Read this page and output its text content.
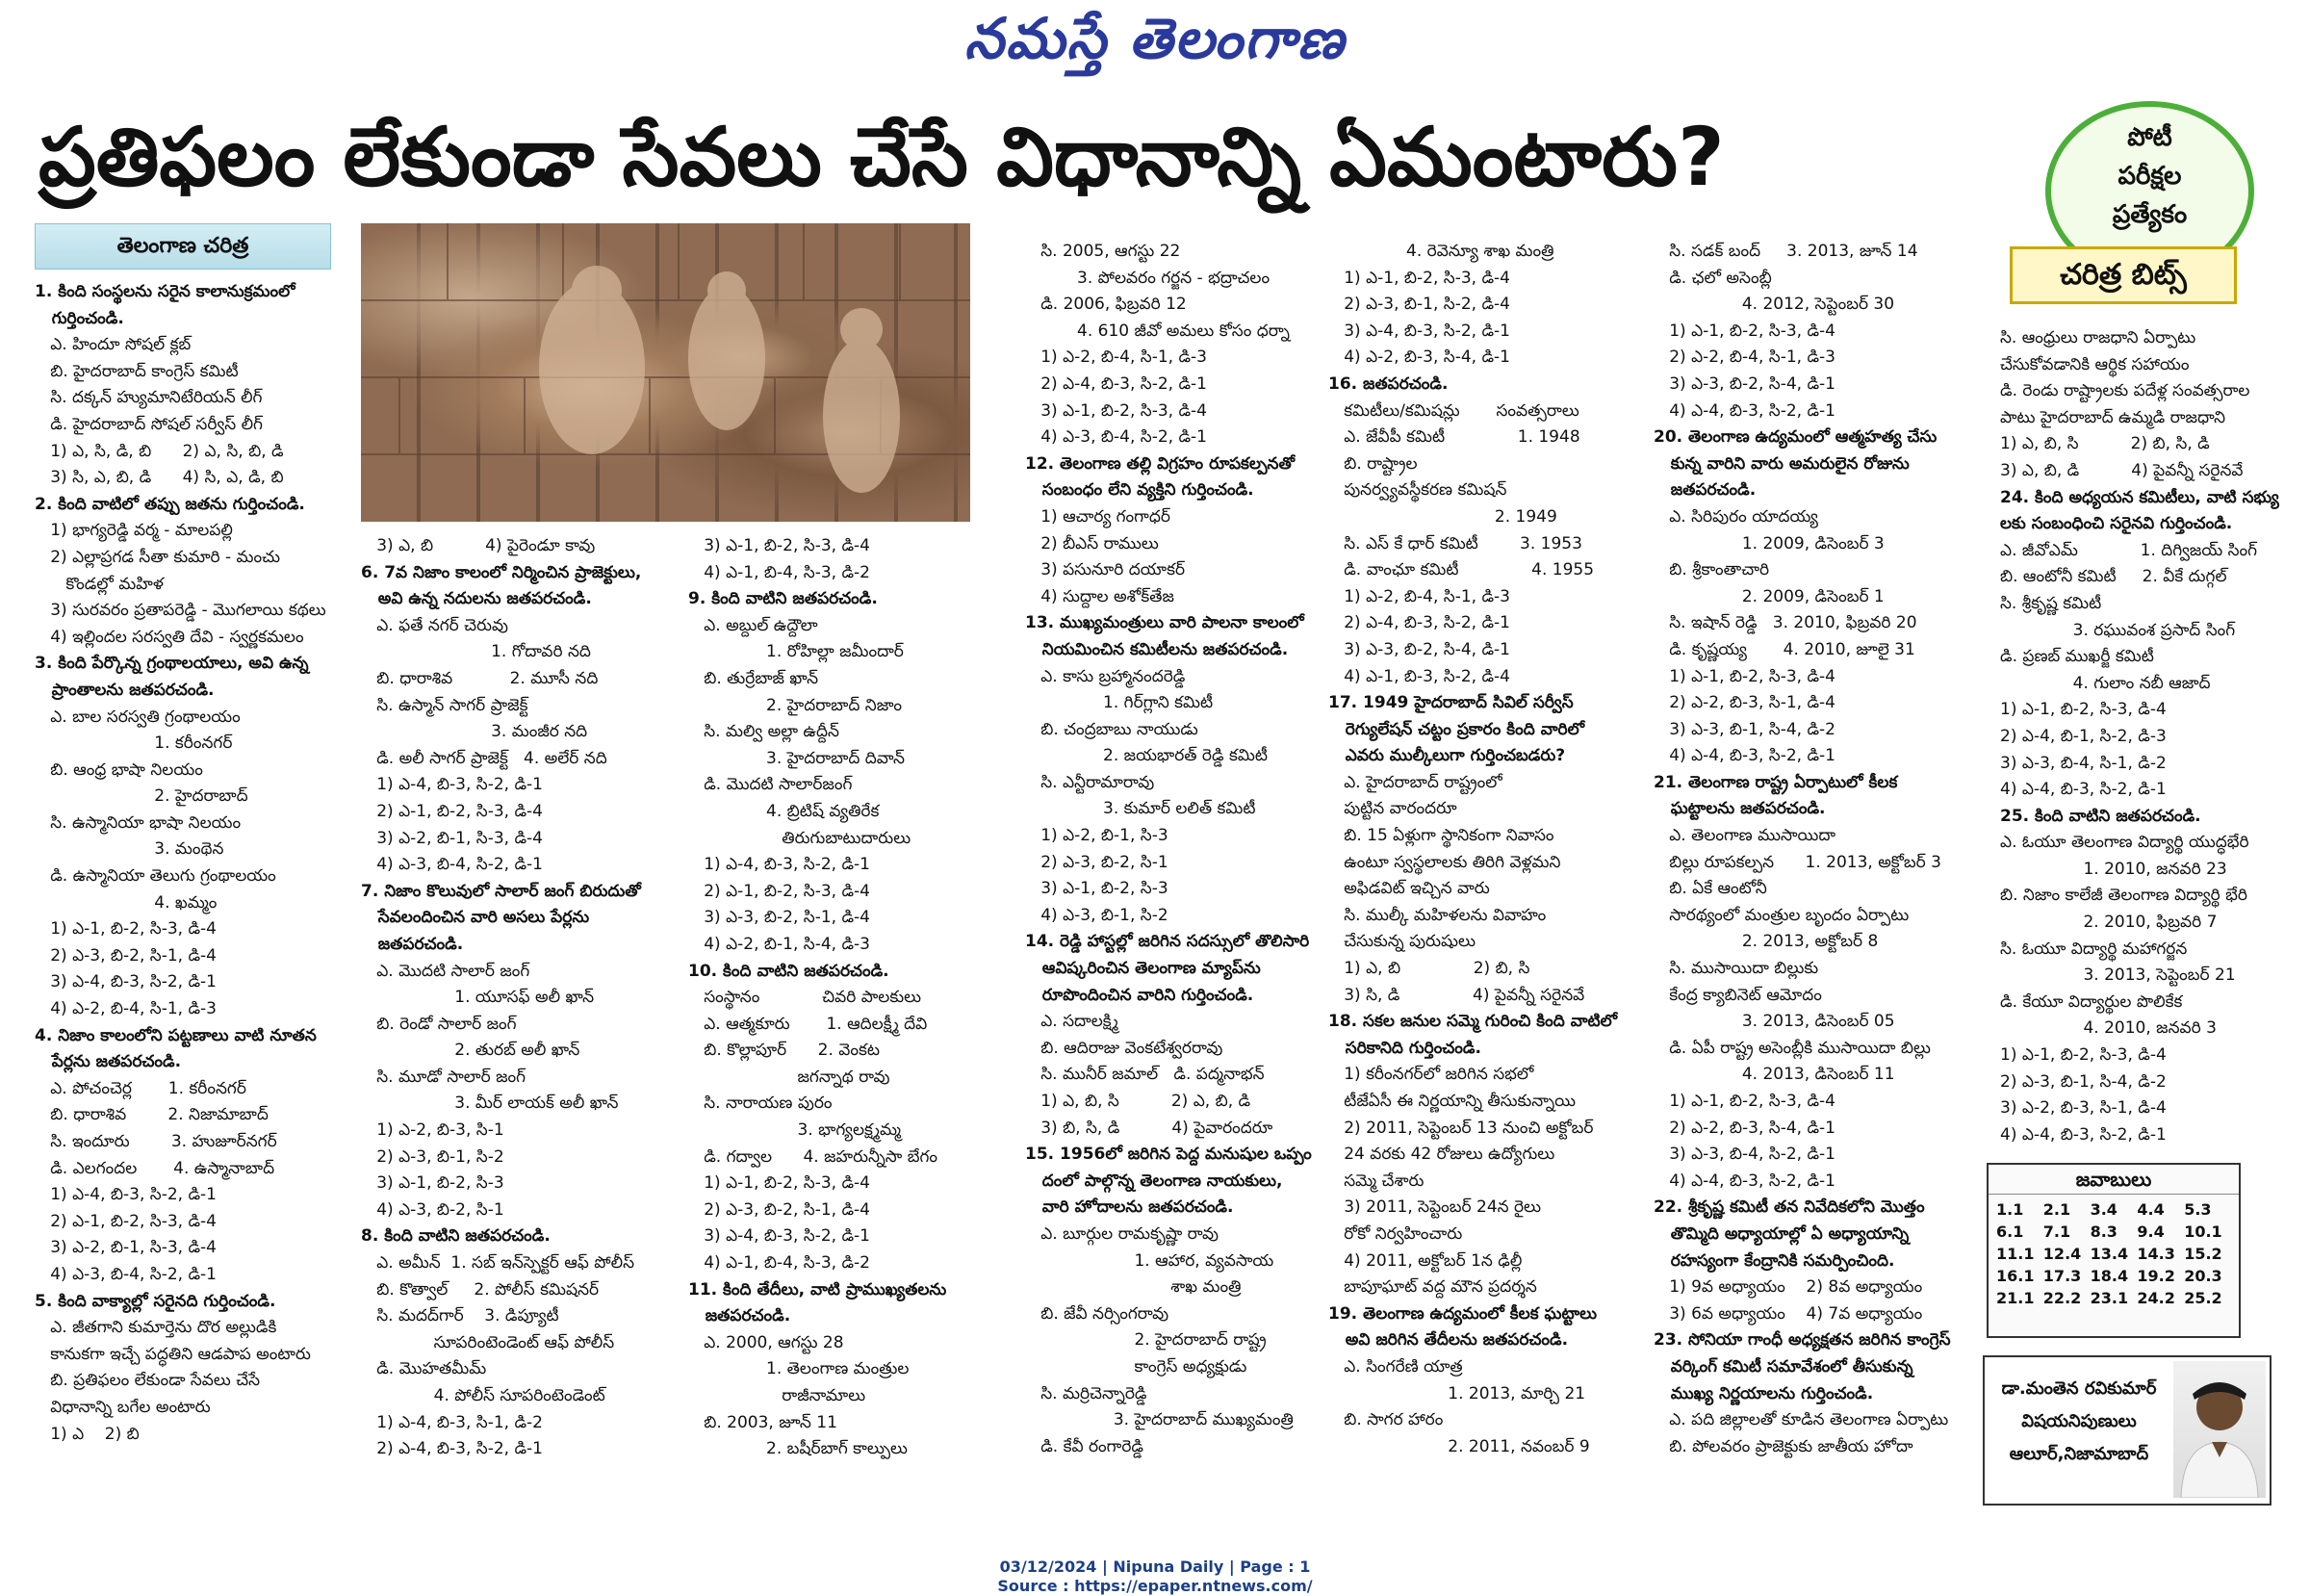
నమస్తే తెలంగాణ
ప్రతిఫలం లేకుండా సేవలు చేసే విధానాన్ని ఏమంటారు?	పోటీ
పరీక్షల
ప్రత్యేకం
చరిత్ర బిట్స్
తెలంగాణ చరిత్ర
1. కింది సంస్థలను సరైన కాలానుక్రమంలో
గుర్తించండి.
ఎ. హిందూ సోషల్ క్లబ్
బి. హైదరాబాద్ కాంగ్రెస్ కమిటీ
సి. దక్కన్ హ్యుమానిటేరియన్ లీగ్
డి. హైదరాబాద్ సోషల్ సర్వీస్ లీగ్
1) ఎ, సి, డి, బి      2) ఎ, సి, బి, డి
3) సి, ఎ, బి, డి      4) సి, ఎ, డి, బి
2. కింది వాటిలో తప్పు జతను గుర్తించండి.
1) భాగ్యరెడ్డి వర్మ - మాలపల్లి
2) ఎల్లాప్రగడ సీతా కుమారి - మంచు
కొండల్లో మహిళ
3) సురవరం ప్రతాపరెడ్డి - మొగలాయి కథలు
4) ఇల్లిందల సరస్వతి దేవి - స్వర్ణకమలం
3. కింది పేర్కొన్న గ్రంథాలయాలు, అవి ఉన్న
ప్రాంతాలను జతపరచండి.
ఎ. బాల సరస్వతి గ్రంథాలయం
1. కరీంనగర్
బి. ఆంధ్ర భాషా నిలయం
2. హైదరాబాద్
సి. ఉస్మానియా భాషా నిలయం
3. మంథెన
డి. ఉస్మానియా తెలుగు గ్రంథాలయం
4. ఖమ్మం
1) ఎ-1, బి-2, సి-3, డి-4
2) ఎ-3, బి-2, సి-1, డి-4
3) ఎ-4, బి-3, సి-2, డి-1
4) ఎ-2, బి-4, సి-1, డి-3
4. నిజాం కాలంలోని పట్టణాలు వాటి నూతన
పేర్లను జతపరచండి.
ఎ. పోచంచెర్ల       1. కరీంనగర్
బి. ధారాశివ        2. నిజామాబాద్
సి. ఇందూరు        3. హుజూర్‌నగర్
డి. ఎలగందల       4. ఉస్మానాబాద్
1) ఎ-4, బి-3, సి-2, డి-1
2) ఎ-1, బి-2, సి-3, డి-4
3) ఎ-2, బి-1, సి-3, డి-4
4) ఎ-3, బి-4, సి-2, డి-1
5. కింది వాక్యాల్లో సరైనది గుర్తించండి.
ఎ. జీతగాని కుమార్తెను దొర అల్లుడికి
కానుకగా ఇచ్చే పద్ధతిని ఆడపాప అంటారు
బి. ప్రతిఫలం లేకుండా సేవలు చేసే
విధానాన్ని బగేల అంటారు
1) ఎ    2) బి
3) ఎ, బి          4) పైరెండూ కావు
6. 7వ నిజాం కాలంలో నిర్మించిన ప్రాజెక్టులు,
అవి ఉన్న నదులను జతపరచండి.
ఎ. ఫతే నగర్ చెరువు
1. గోదావరి నది
బి. ధారాశివ           2. మూసీ నది
సి. ఉస్మాన్ సాగర్ ప్రాజెక్ట్
3. మంజీర నది
డి. అలీ సాగర్ ప్రాజెక్ట్   4. అలేర్ నది
1) ఎ-4, బి-3, సి-2, డి-1
2) ఎ-1, బి-2, సి-3, డి-4
3) ఎ-2, బి-1, సి-3, డి-4
4) ఎ-3, బి-4, సి-2, డి-1
7. నిజాం కొలువులో సాలార్ జంగ్ బిరుదుతో
సేవలందించిన వారి అసలు పేర్లను
జతపరచండి.
ఎ. మొదటి సాలార్ జంగ్
1. యూసఫ్ అలీ ఖాన్
బి. రెండో సాలార్ జంగ్
2. తురబ్ అలీ ఖాన్
సి. మూడో సాలార్ జంగ్
3. మీర్ లాయక్ అలీ ఖాన్
1) ఎ-2, బి-3, సి-1
2) ఎ-3, బి-1, సి-2
3) ఎ-1, బి-2, సి-3
4) ఎ-3, బి-2, సి-1
8. కింది వాటిని జతపరచండి.
ఎ. అమీన్  1. సబ్ ఇన్‌స్పెక్టర్ ఆఫ్ పోలీస్
బి. కొత్వాల్     2. పోలీస్ కమిషనర్
సి. మదద్‌గార్    3. డిప్యూటీ
సూపరింటెండెంట్ ఆఫ్ పోలీస్
డి. మొహతమీమ్
4. పోలీస్ సూపరింటెండెంట్
1) ఎ-4, బి-3, సి-1, డి-2
2) ఎ-4, బి-3, సి-2, డి-1
3) ఎ-1, బి-2, సి-3, డి-4
4) ఎ-1, బి-4, సి-3, డి-2
9. కింది వాటిని జతపరచండి.
ఎ. అబ్దుల్ ఉద్దౌలా
1. రోహిల్లా జమీందార్
బి. తుర్రేబాజ్ ఖాన్
2. హైదరాబాద్ నిజాం
సి. మల్వి అల్లా ఉద్దీన్
3. హైదరాబాద్ దివాన్
డి. మొదటి సాలార్‌జంగ్
4. బ్రిటిష్ వ్యతిరేక
తిరుగుబాటుదారులు
1) ఎ-4, బి-3, సి-2, డి-1
2) ఎ-1, బి-2, సి-3, డి-4
3) ఎ-3, బి-2, సి-1, డి-4
4) ఎ-2, బి-1, సి-4, డి-3
10. కింది వాటిని జతపరచండి.
సంస్థానం            చివరి పాలకులు
ఎ. ఆత్మకూరు       1. ఆదిలక్ష్మీ దేవి
బి. కొల్లాపూర్      2. వెంకట
జగన్నాథ రావు
సి. నారాయణ పురం
3. భాగ్యలక్ష్మమ్మ
డి. గద్వాల      4. జహరున్నీసా బేగం
1) ఎ-1, బి-2, సి-3, డి-4
2) ఎ-3, బి-2, సి-1, డి-4
3) ఎ-4, బి-3, సి-2, డి-1
4) ఎ-1, బి-4, సి-3, డి-2
11. కింది తేదీలు, వాటి ప్రాముఖ్యతలను
జతపరచండి.
ఎ. 2000, ఆగస్టు 28
1. తెలంగాణ మంత్రుల
రాజీనామాలు
బి. 2003, జూన్ 11
2. బషీర్‌బాగ్ కాల్పులు
సి. 2005, ఆగస్టు 22
3. పోలవరం గర్జన - భద్రాచలం
డి. 2006, ఫిబ్రవరి 12
4. 610 జీవో అమలు కోసం ధర్నా
1) ఎ-2, బి-4, సి-1, డి-3
2) ఎ-4, బి-3, సి-2, డి-1
3) ఎ-1, బి-2, సి-3, డి-4
4) ఎ-3, బి-4, సి-2, డి-1
12. తెలంగాణ తల్లి విగ్రహం రూపకల్పనతో
సంబంధం లేని వ్యక్తిని గుర్తించండి.
1) ఆచార్య గంగాధర్
2) బీఎస్ రాములు
3) పసునూరి దయాకర్
4) సుద్దాల అశోక్‌తేజ
13. ముఖ్యమంత్రులు వారి పాలనా కాలంలో
నియమించిన కమిటీలను జతపరచండి.
ఎ. కాసు బ్రహ్మానందరెడ్డి
1. గిర్‌గ్లాని కమిటీ
బి. చంద్రబాబు నాయుడు
2. జయభారత్ రెడ్డి కమిటీ
సి. ఎన్టీరామారావు
3. కుమార్ లలిత్ కమిటీ
1) ఎ-2, బి-1, సి-3
2) ఎ-3, బి-2, సి-1
3) ఎ-1, బి-2, సి-3
4) ఎ-3, బి-1, సి-2
14. రెడ్డి హాస్టల్లో జరిగిన సదస్సులో తొలిసారి
ఆవిష్కరించిన తెలంగాణ మ్యాప్‌ను
రూపొందించిన వారిని గుర్తించండి.
ఎ. సదాలక్ష్మి
బి. ఆదిరాజు వెంకటేశ్వరరావు
సి. మునీర్ జమాల్   డి. పద్మనాభన్
1) ఎ, బి, సి          2) ఎ, బి, డి
3) బి, సి, డి          4) పైవారందరూ
15. 1956లో జరిగిన పెద్ద మనుషుల ఒప్పం
దంలో పాల్గొన్న తెలంగాణ నాయకులు,
వారి హోదాలను జతపరచండి.
ఎ. బూర్గుల రామకృష్ణా రావు
1. ఆహార, వ్యవసాయ
శాఖ మంత్రి
బి. జేవీ నర్సింగరావు
2. హైదరాబాద్ రాష్ట్ర
కాంగ్రెస్ అధ్యక్షుడు
సి. మర్రిచెన్నారెడ్డి
3. హైదరాబాద్ ముఖ్యమంత్రి
డి. కేవీ రంగారెడ్డి
4. రెవెన్యూ శాఖ మంత్రి
1) ఎ-1, బి-2, సి-3, డి-4
2) ఎ-3, బి-1, సి-2, డి-4
3) ఎ-4, బి-3, సి-2, డి-1
4) ఎ-2, బి-3, సి-4, డి-1
16. జతపరచండి.
కమిటీలు/కమిషన్లు       సంవత్సరాలు
ఎ. జేవీపీ కమిటీ              1. 1948
బి. రాష్ట్రాల
పునర్వ్యవస్థీకరణ కమిషన్
2. 1949
సి. ఎస్ కే ధార్ కమిటీ        3. 1953
డి. వాంఛూ కమిటీ              4. 1955
1) ఎ-2, బి-4, సి-1, డి-3
2) ఎ-4, బి-3, సి-2, డి-1
3) ఎ-3, బి-2, సి-4, డి-1
4) ఎ-1, బి-3, సి-2, డి-4
17. 1949 హైదరాబాద్ సివిల్ సర్వీస్
రెగ్యులేషన్ చట్టం ప్రకారం కింది వారిలో
ఎవరు ముల్కీలుగా గుర్తించబడరు?
ఎ. హైదరాబాద్ రాష్ట్రంలో
పుట్టిన వారందరూ
బి. 15 ఏళ్లుగా స్థానికంగా నివాసం
ఉంటూ స్వస్థలాలకు తిరిగి వెళ్లమని
అఫిడవిట్ ఇచ్చిన వారు
సి. ముల్కీ మహిళలను వివాహం
చేసుకున్న పురుషులు
1) ఎ, బి              2) బి, సి
3) సి, డి              4) పైవన్నీ సరైనవే
18. సకల జనుల సమ్మె గురించి కింది వాటిలో
సరికానిది గుర్తించండి.
1) కరీంనగర్‌లో జరిగిన సభలో
టీజేఏసీ ఈ నిర్ణయాన్ని తీసుకున్నాయి
2) 2011, సెప్టెంబర్ 13 నుంచి అక్టోబర్
24 వరకు 42 రోజులు ఉద్యోగులు
సమ్మె చేశారు
3) 2011, సెప్టెంబర్ 24న రైలు
రోకో నిర్వహించారు
4) 2011, అక్టోబర్ 1న ఢిల్లీ
బాపూఘాట్ వద్ద మౌన ప్రదర్శన
19. తెలంగాణ ఉద్యమంలో కీలక ఘట్టాలు
అవి జరిగిన తేదీలను జతపరచండి.
ఎ. సింగరేణి యాత్ర
1. 2013, మార్చి 21
బి. సాగర హారం
2. 2011, నవంబర్ 9
సి. సడక్ బంద్     3. 2013, జూన్ 14
డి. ఛలో అసెంబ్లీ
4. 2012, సెప్టెంబర్ 30
1) ఎ-1, బి-2, సి-3, డి-4
2) ఎ-2, బి-4, సి-1, డి-3
3) ఎ-3, బి-2, సి-4, డి-1
4) ఎ-4, బి-3, సి-2, డి-1
20. తెలంగాణ ఉద్యమంలో ఆత్మహత్య చేసు
కున్న వారిని వారు అమరులైన రోజును
జతపరచండి.
ఎ. సిరిపురం యాదయ్య
1. 2009, డిసెంబర్ 3
బి. శ్రీకాంతాచారి
2. 2009, డిసెంబర్ 1
సి. ఇషాన్ రెడ్డి   3. 2010, ఫిబ్రవరి 20
డి. కృష్ణయ్య       4. 2010, జూలై 31
1) ఎ-1, బి-2, సి-3, డి-4
2) ఎ-2, బి-3, సి-1, డి-4
3) ఎ-3, బి-1, సి-4, డి-2
4) ఎ-4, బి-3, సి-2, డి-1
21. తెలంగాణ రాష్ట్ర ఏర్పాటులో కీలక
ఘట్టాలను జతపరచండి.
ఎ. తెలంగాణ ముసాయిదా
బిల్లు రూపకల్పన      1. 2013, అక్టోబర్ 3
బి. ఏకే ఆంటోనీ
సారథ్యంలో మంత్రుల బృందం ఏర్పాటు
2. 2013, అక్టోబర్ 8
సి. ముసాయిదా బిల్లుకు
కేంద్ర క్యాబినెట్ ఆమోదం
3. 2013, డిసెంబర్ 05
డి. ఏపీ రాష్ట్ర అసెంబ్లీకి ముసాయిదా బిల్లు
4. 2013, డిసెంబర్ 11
1) ఎ-1, బి-2, సి-3, డి-4
2) ఎ-2, బి-3, సి-4, డి-1
3) ఎ-3, బి-4, సి-2, డి-1
4) ఎ-4, బి-3, సి-2, డి-1
22. శ్రీకృష్ణ కమిటీ తన నివేదికలోని మొత్తం
తొమ్మిది అధ్యాయాల్లో ఏ అధ్యాయాన్ని
రహస్యంగా కేంద్రానికి సమర్పించింది.
1) 9వ అధ్యాయం    2) 8వ అధ్యాయం
3) 6వ అధ్యాయం    4) 7వ అధ్యాయం
23. సోనియా గాంధీ అధ్యక్షతన జరిగిన కాంగ్రెస్
వర్కింగ్ కమిటీ సమావేశంలో తీసుకున్న
ముఖ్య నిర్ణయాలను గుర్తించండి.
ఎ. పది జిల్లాలతో కూడిన తెలంగాణ ఏర్పాటు
బి. పోలవరం ప్రాజెక్టుకు జాతీయ హోదా
సి. ఆంధ్రులు రాజధాని ఏర్పాటు
చేసుకోవడానికి ఆర్థిక సహాయం
డి. రెండు రాష్ట్రాలకు పదేళ్ల సంవత్సరాల
పాటు హైదరాబాద్ ఉమ్మడి రాజధాని
1) ఎ, బి, సి          2) బి, సి, డి
3) ఎ, బి, డి          4) పైవన్నీ సరైనవే
24. కింది అధ్యయన కమిటీలు, వాటి సభ్యు
లకు సంబంధించి సరైనవి గుర్తించండి.
ఎ. జీవోఎమ్            1. దిగ్విజయ్ సింగ్
బి. ఆంటోనీ కమిటీ     2. వీకే దుగ్గల్
సి. శ్రీకృష్ణ కమిటీ
3. రఘువంశ ప్రసాద్ సింగ్
డి. ప్రణబ్ ముఖర్జీ కమిటీ
4. గులాం నబీ ఆజాద్
1) ఎ-1, బి-2, సి-3, డి-4
2) ఎ-4, బి-1, సి-2, డి-3
3) ఎ-3, బి-4, సి-1, డి-2
4) ఎ-4, బి-3, సి-2, డి-1
25. కింది వాటిని జతపరచండి.
ఎ. ఓయూ తెలంగాణ విద్యార్థి యుద్ధభేరి
1. 2010, జనవరి 23
బి. నిజాం కాలేజీ తెలంగాణ విద్యార్థి భేరి
2. 2010, ఫిబ్రవరి 7
సి. ఓయూ విద్యార్థి మహాగర్జన
3. 2013, సెప్టెంబర్ 21
డి. కేయూ విద్యార్థుల పొలికేక
4. 2010, జనవరి 3
1) ఎ-1, బి-2, సి-3, డి-4
2) ఎ-3, బి-1, సి-4, డి-2
3) ఎ-2, బి-3, సి-1, డి-4
4) ఎ-4, బి-3, సి-2, డి-1
జవాబులు
1.1	2.1	3.4	4.4	5.3
6.1	7.1	8.3	9.4	10.1
11.1 12.4 13.4 14.3 15.2
16.1 17.3 18.4 19.2 20.3
21.1 22.2 23.1 24.2 25.2
డా.మంతెన రవికుమార్
విషయనిపుణులు
ఆలూర్,నిజామాబాద్
03/12/2024 | Nipuna Daily | Page : 1
Source : https://epaper.ntnews.com/
